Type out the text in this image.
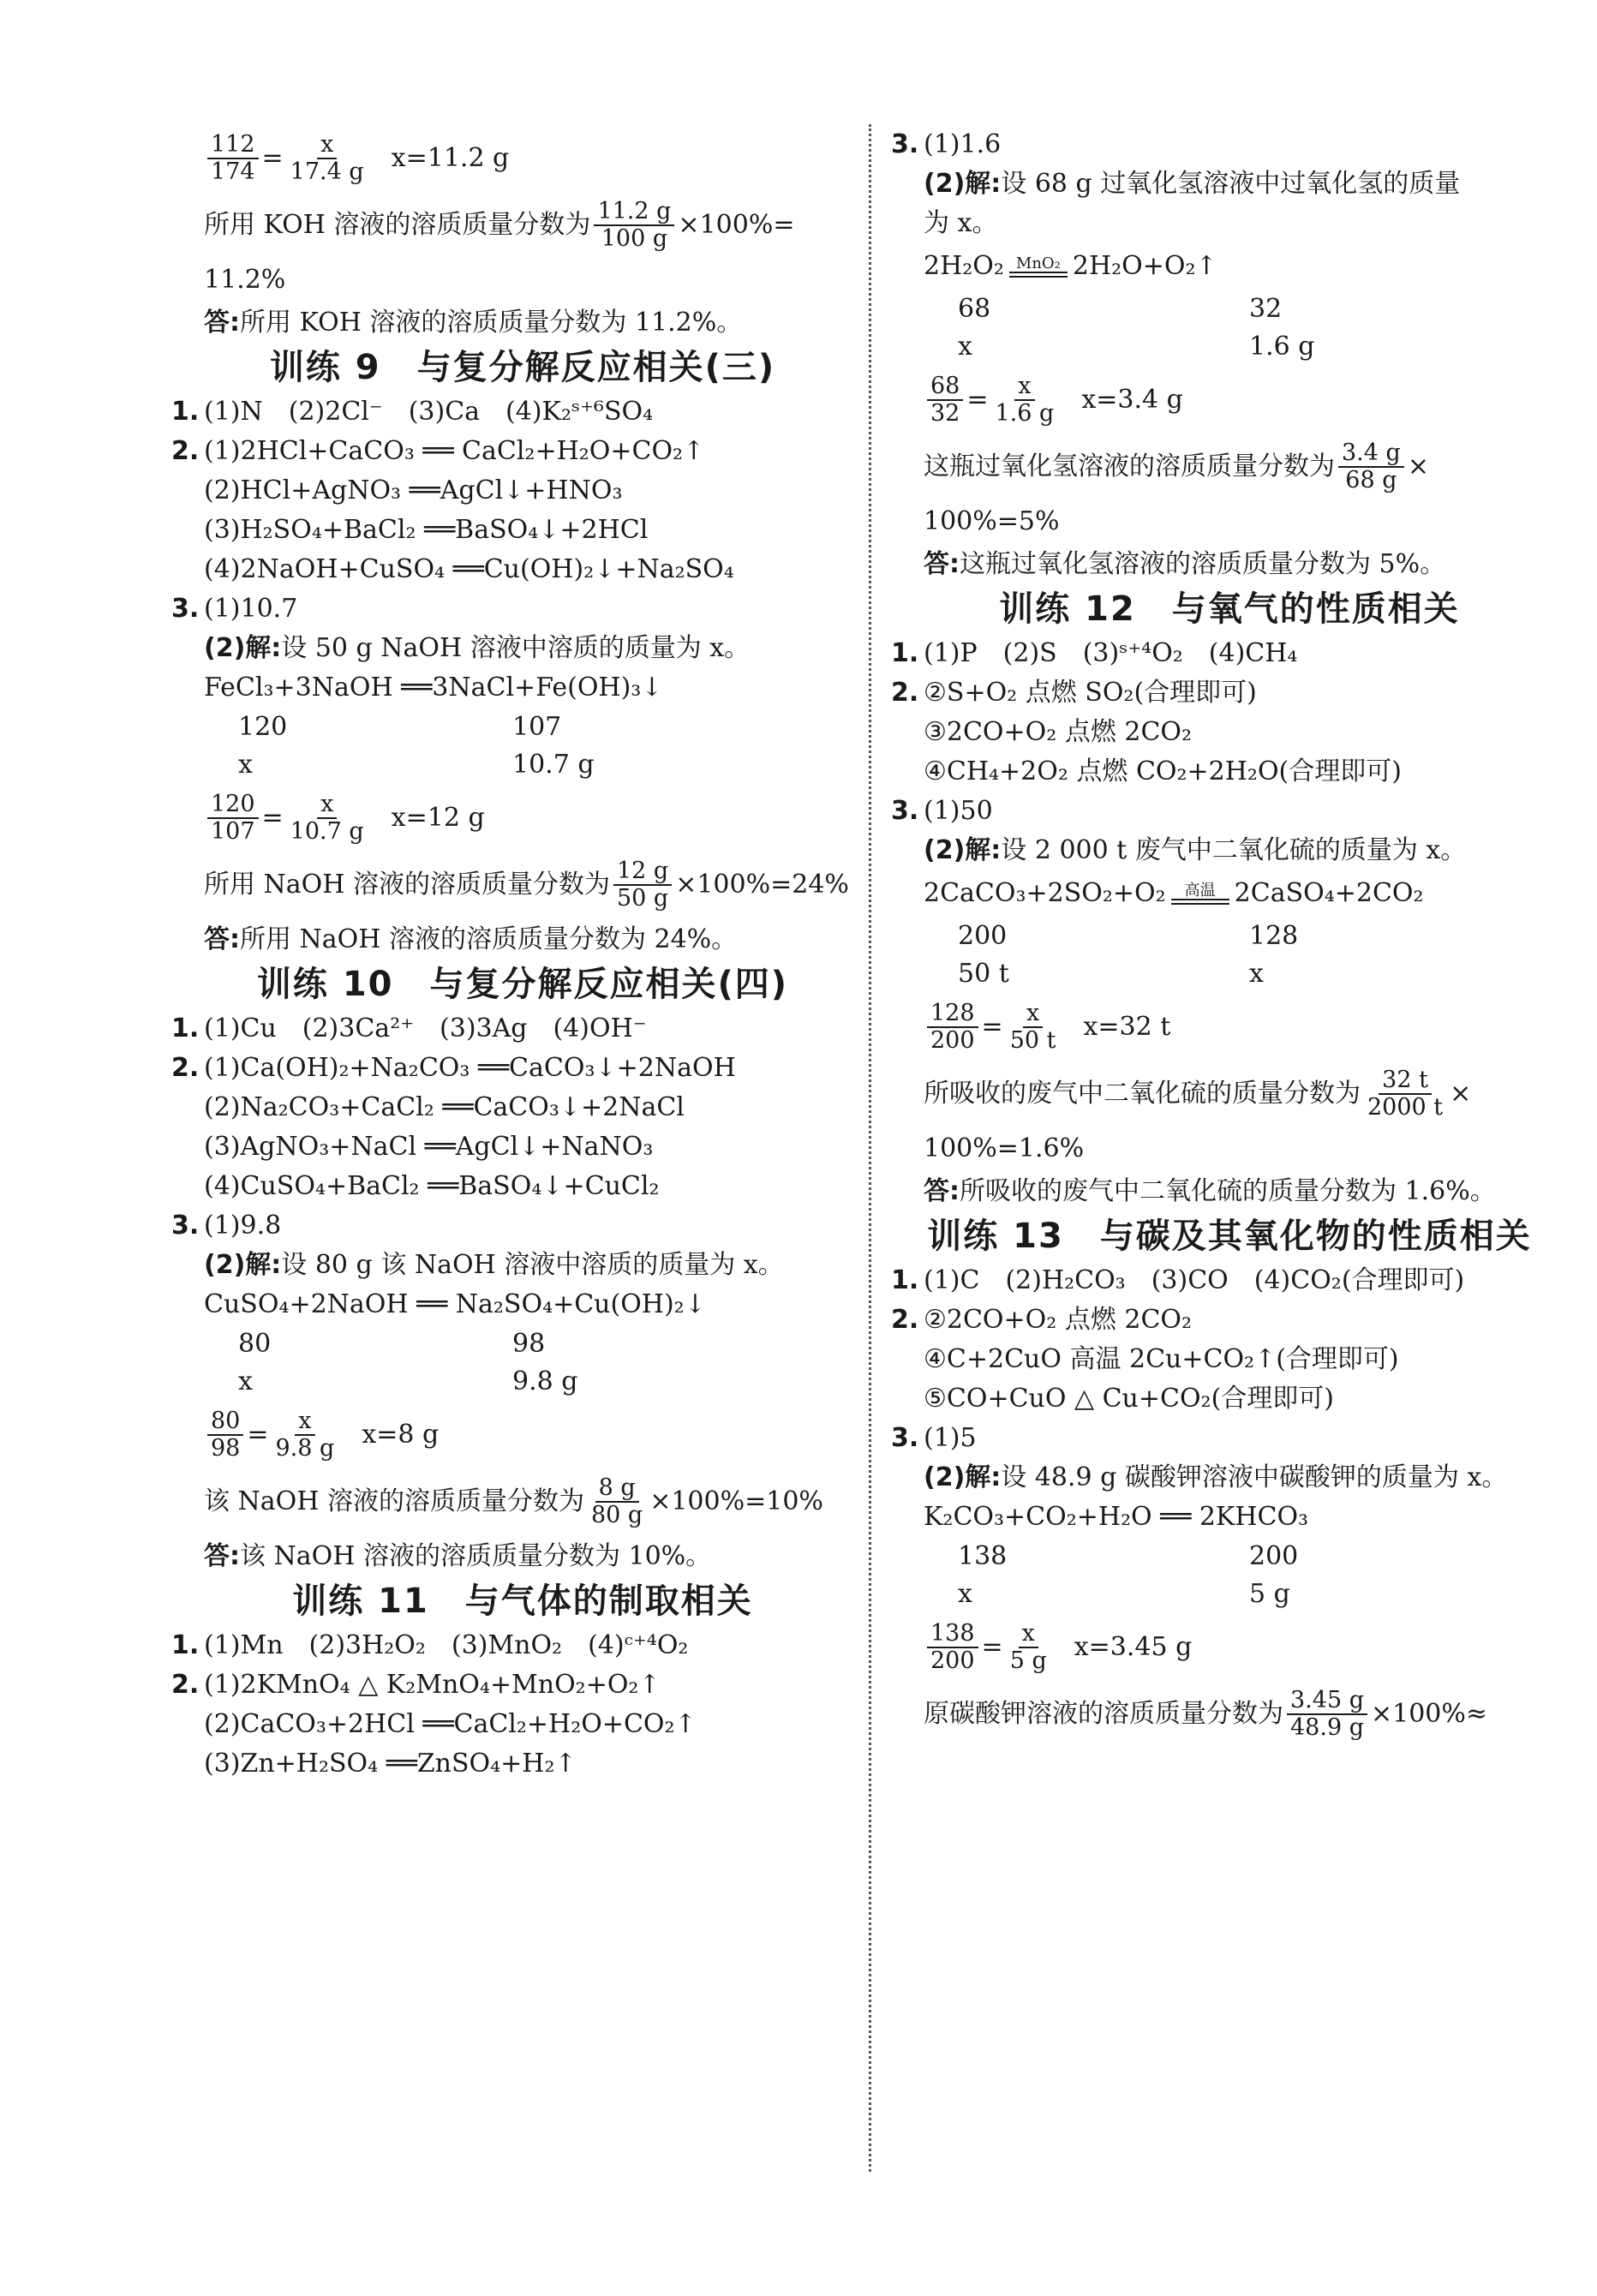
$\frac{112}{174} = \frac{x}{17.4 g} x=11.2$ g
所用 KOH 溶液的溶质质量分数为 $\frac{11.2 g}{100 g} \times 100\%=$
11.2%
答: 所用 KOH 溶液的溶质质量分数为 11.2%。
训练 9　与复分解反应相关(三)
1. (1)N　(2)2Cl⁻　(3)Ca　(4)K₂ˢ⁺⁶SO₄
2. (1)2HCl+CaCO₃ ══ CaCl₂+H₂O+CO₂↑
(2)HCl+AgNO₃ ══AgCl↓+HNO₃
(3)H₂SO₄+BaCl₂ ══BaSO₄↓+2HCl
(4)2NaOH+CuSO₄ ══Cu(OH)₂↓+Na₂SO₄
3. (1)10.7
(2)解: 设 50 g NaOH 溶液中溶质的质量为 x。
FeCl₃+3NaOH ══3NaCl+Fe(OH)₃↓
120	107
x	10.7 g
$\frac{120}{107} = \frac{x}{10.7 g} x=12$ g
所用 NaOH 溶液的溶质质量分数为 $\frac{12 g}{50 g} \times 100\%=24\%$
答: 所用 NaOH 溶液的溶质质量分数为 24%。
训练 10　与复分解反应相关(四)
1. (1)Cu　(2)3Ca²⁺　(3)3Ag　(4)OH⁻
2. (1)Ca(OH)₂+Na₂CO₃ ══CaCO₃↓+2NaOH
(2)Na₂CO₃+CaCl₂ ══CaCO₃↓+2NaCl
(3)AgNO₃+NaCl ══AgCl↓+NaNO₃
(4)CuSO₄+BaCl₂ ══BaSO₄↓+CuCl₂
3. (1)9.8
(2)解: 设 80 g 该 NaOH 溶液中溶质的质量为 x。
CuSO₄+2NaOH ══ Na₂SO₄+Cu(OH)₂↓
80	98
x	9.8 g
$\frac{80}{98} = \frac{x}{9.8 g} x=8$ g
该 NaOH 溶液的溶质质量分数为 $\frac{8 g}{80 g} \times 100\%=10\%$
答: 该 NaOH 溶液的溶质质量分数为 10%。
训练 11　与气体的制取相关
1. (1)Mn　(2)3H₂O₂　(3)MnO₂　(4)ᶜ⁺⁴O₂
2. (1)2KMnO₄ △ K₂MnO₄+MnO₂+O₂↑
(2)CaCO₃+2HCl ══CaCl₂+H₂O+CO₂↑
(3)Zn+H₂SO₄ ══ZnSO₄+H₂↑
3. (1)1.6
(2)解: 设 68 g 过氧化氢溶液中过氧化氢的质量
为 x。
2H₂O₂ MnO₂ 2H₂O+O₂↑
68	32
x	1.6 g
$\frac{68}{32} = \frac{x}{1.6 g} x=3.4$ g
这瓶过氧化氢溶液的溶质质量分数为 $\frac{3.4 g}{68 g}$ ×
100%=5%
答: 这瓶过氧化氢溶液的溶质质量分数为 5%。
训练 12　与氧气的性质相关
1. (1)P　(2)S　(3)ˢ⁺⁴O₂　(4)CH₄
2. ②S+O₂ 点燃 SO₂(合理即可)
③2CO+O₂ 点燃 2CO₂
④CH₄+2O₂ 点燃 CO₂+2H₂O(合理即可)
3. (1)50
(2)解: 设 2 000 t 废气中二氧化硫的质量为 x。
2CaCO₃+2SO₂+O₂ 高温 2CaSO₄+2CO₂
200	128
50 t	x
$\frac{128}{200} = \frac{x}{50 t} x=32$ t
所吸收的废气中二氧化硫的质量分数为 $\frac{32 t}{2000 t}$ ×
100%=1.6%
答: 所吸收的废气中二氧化硫的质量分数为 1.6%。
训练 13　与碳及其氧化物的性质相关
1. (1)C　(2)H₂CO₃　(3)CO　(4)CO₂(合理即可)
2. ②2CO+O₂ 点燃 2CO₂
④C+2CuO 高温 2Cu+CO₂↑(合理即可)
⑤CO+CuO △ Cu+CO₂(合理即可)
3. (1)5
(2)解: 设 48.9 g 碳酸钾溶液中碳酸钾的质量为 x。
K₂CO₃+CO₂+H₂O ══ 2KHCO₃
138	200
x	5 g
$\frac{138}{200} = \frac{x}{5 g} x=3.45$ g
原碳酸钾溶液的溶质质量分数为 $\frac{3.45 g}{48.9 g} \times 100\%\approx$
